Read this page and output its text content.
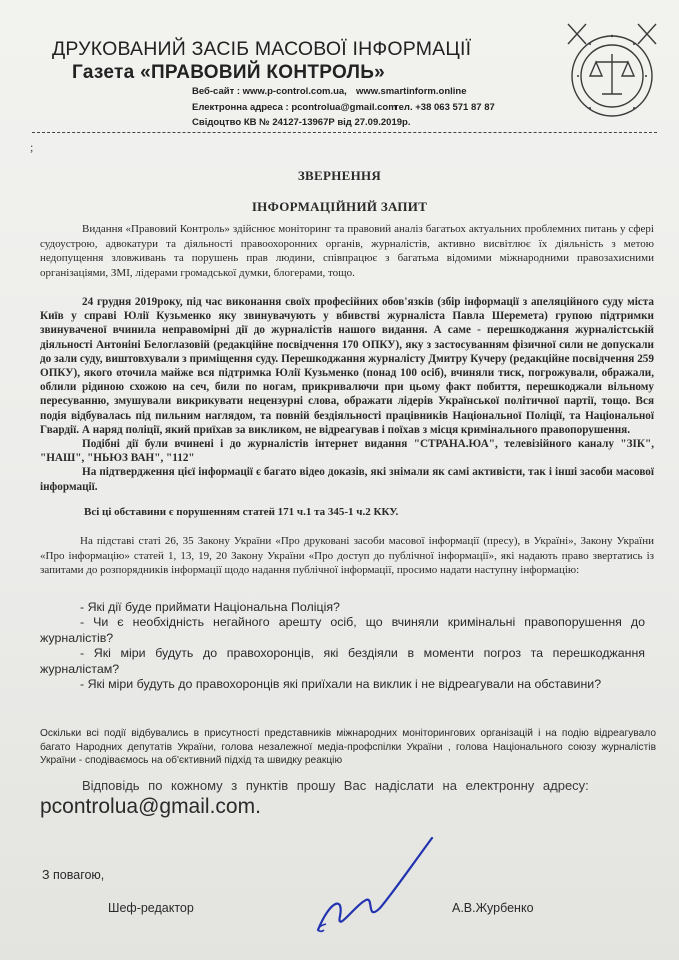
ДРУКОВАНИЙ ЗАСІБ МАСОВОЇ ІНФОРМАЦІЇ
Газета «ПРАВОВИЙ КОНТРОЛЬ»
Веб-сайт : www.p-control.com.ua, www.smartinform.online
Електронна адреса : pcontrolua@gmail.com
тел. +38 063 571 87 87
Свідоцтво КВ № 24127-13967Р від 27.09.2019р.
;
ЗВЕРНЕННЯ
ІНФОРМАЦІЙНИЙ ЗАПИТ
Видання «Правовий Контроль» здійснює моніторинг та правовий аналіз багатьох актуальних проблемних питань у сфері судоустрою, адвокатури та діяльності правоохоронних органів, журналістів, активно висвітлює їх діяльність з метою недопущення зловживань та порушень прав людини, співпрацює з багатьма відомими міжнародними правозахисними організаціями, ЗМІ, лідерами громадської думки, блогерами, тощо.
24 грудня 2019року, під час виконання своїх професійних обов'язків (збір інформації з апеляційного суду міста Київ у справі Юлії Кузьменко яку звинувачують у вбивстві журналіста Павла Шеремета) групою підтримки звинуваченої вчинила неправомірні дії до журналістів нашого видання. А саме - перешкоджання журналістській діяльності Антоніні Белоглазовій (редакційне посвідчення 170 ОПКУ), яку з застосуванням фізичної сили не допускали до зали суду, виштовхували з приміщення суду. Перешкоджання журналісту Дмитру Кучеру (редакційне посвідчення 259 ОПКУ), якого оточила майже вся підтримка Юлії Кузьменко (понад 100 осіб), вчиняли тиск, погрожували, ображали, облили рідиною схожою на сеч, били по ногам, прикривалючи при цьому факт побиття, перешкоджали вільному пересуванню, змушували викрикувати нецензурні слова, ображати лідерів Української політичної партії, тощо. Вся подія відбувалась під пильним наглядом, та повній бездіяльності працівників Національної Поліції, та Національної Гвардії. А наряд поліції, який приїхав за викликом, не відреагував і поїхав з місця кримінального правопорушення.
Подібні дії були вчинені і до журналістів інтернет видання "СТРАНА.ЮА", телевізійного каналу "ЗІК", "НАШ", "НЬЮЗ ВАН", "112"
На підтвердження цієї інформації є багато відео доказів, які знімали як самі активісти, так і інші засоби масової інформації.
Всі ці обставини є порушенням статей 171 ч.1 та 345-1 ч.2 ККУ.
На підставі статі 26, 35 Закону України «Про друковані засоби масової інформації (пресу), в Україні», Закону України «Про інформацію» статей 1, 13, 19, 20 Закону України «Про доступ до публічної інформації», які надають право звертатись із запитами до розпорядників інформації щодо надання публічної інформації, просимо надати наступну інформацію:
- Які дії буде приймати Національна Поліція?
- Чи є необхідність негайного арешту осіб, що вчиняли кримінальні правопорушення до журналістів?
- Які міри будуть до правохоронців, які бездіяли в моменти погроз та перешкоджання журналістам?
- Які міри будуть до правохоронців які приїхали на виклик і не відреагували на обставини?
Оскільки всі події відбувались в присутності представників міжнародних моніторингових організацій і на подію відреагувало багато Народних депутатів України, голова незалежної медіа-профспілки України , голова Національного союзу журналістів України - сподіваємось на об'єктивний підхід та швидку реакцію
Відповідь по кожному з пунктів прошу Вас надіслати на електронну адресу:
pcontrolua@gmail.com.
З повагою,
Шеф-редактор	А.В.Журбенко
